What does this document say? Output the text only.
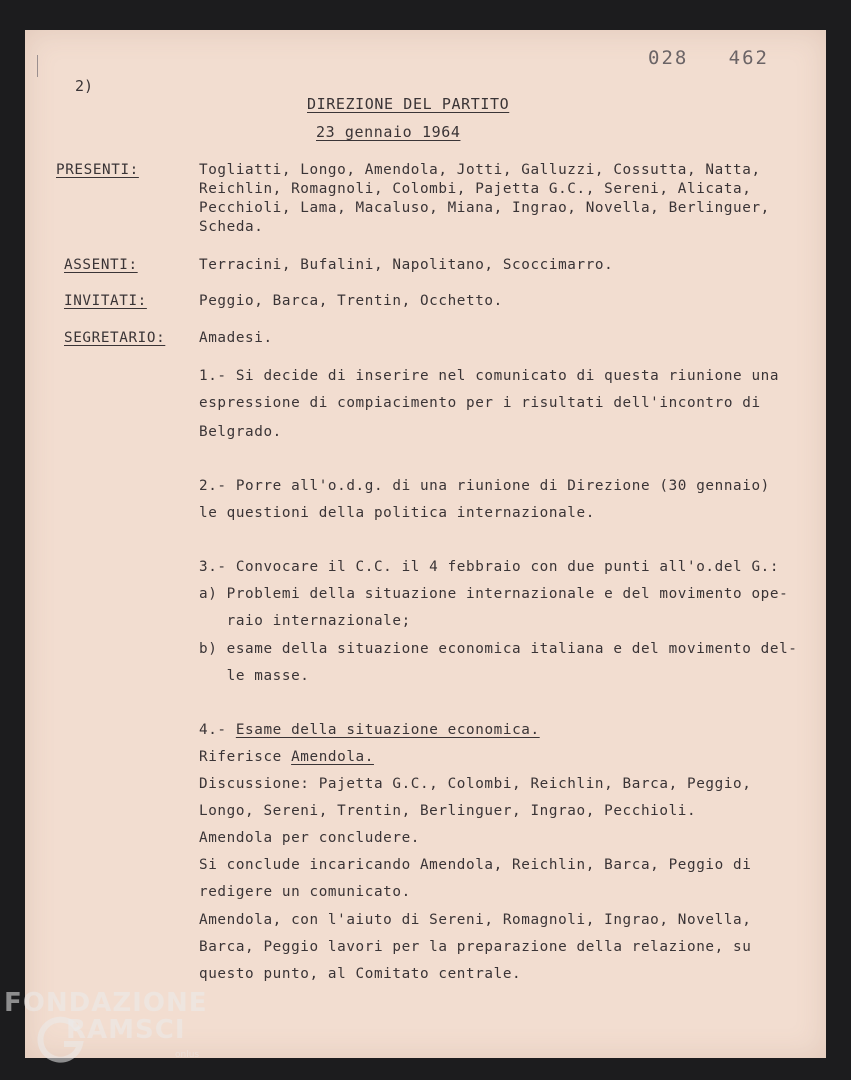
028   462
2)
DIREZIONE DEL PARTITO
23 gennaio 1964
PRESENTI:	Togliatti, Longo, Amendola, Jotti, Galluzzi, Cossutta, Natta,
Reichlin, Romagnoli, Colombi, Pajetta G.C., Sereni, Alicata,
Pecchioli, Lama, Macaluso, Miana, Ingrao, Novella, Berlinguer,
Scheda.
ASSENTI:	Terracini, Bufalini, Napolitano, Scoccimarro.
INVITATI:	Peggio, Barca, Trentin, Occhetto.
SEGRETARIO: Amadesi.
1.- Si decide di inserire nel comunicato di questa riunione una
espressione di compiacimento per i risultati dell'incontro di
Belgrado.
2.- Porre all'o.d.g. di una riunione di Direzione (30 gennaio)
le questioni della politica internazionale.
3.- Convocare il C.C. il 4 febbraio con due punti all'o.del G.:
a) Problemi della situazione internazionale e del movimento ope-
raio internazionale;
b) esame della situazione economica italiana e del movimento del-
le masse.
4.- Esame della situazione economica.
Riferisce Amendola.
Discussione: Pajetta G.C., Colombi, Reichlin, Barca, Peggio,
Longo, Sereni, Trentin, Berlinguer, Ingrao, Pecchioli.
Amendola per concludere.
Si conclude incaricando Amendola, Reichlin, Barca, Peggio di
redigere un comunicato.
Amendola, con l'aiuto di Sereni, Romagnoli, Ingrao, Novella,
Barca, Peggio lavori per la preparazione della relazione, su
questo punto, al Comitato centrale.
FONDAZIONE
RAMSCI
onlus
